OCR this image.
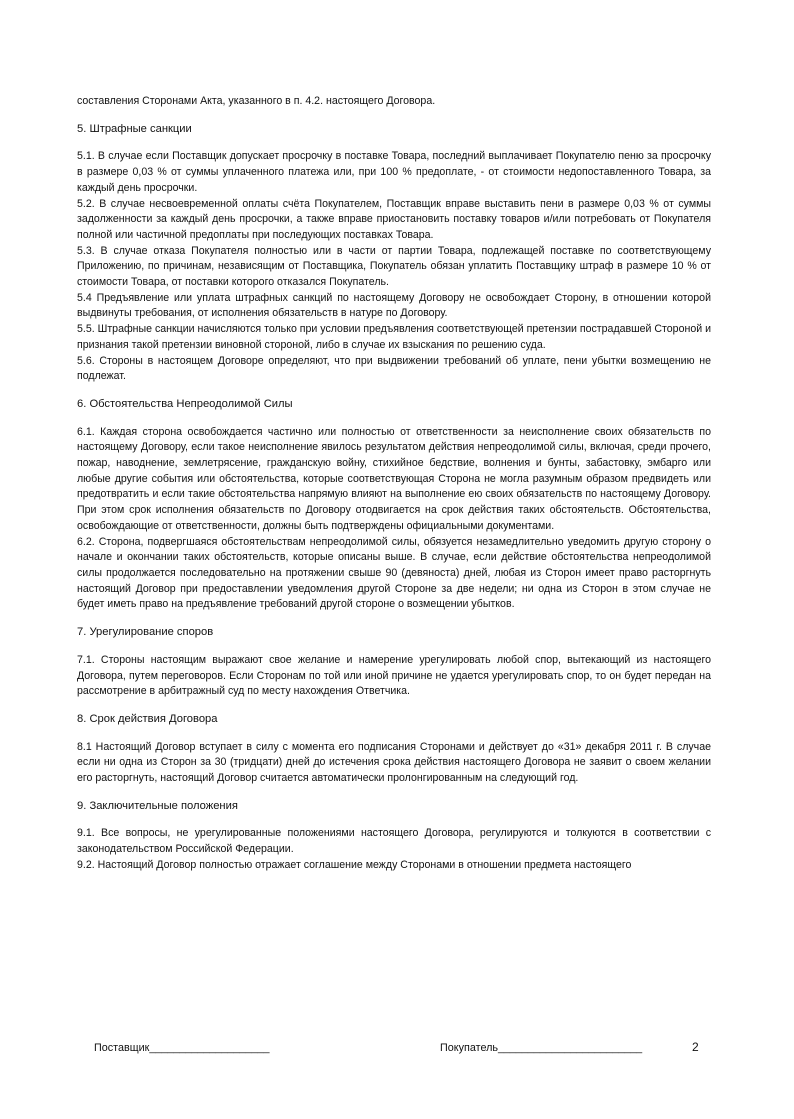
составления Сторонами Акта, указанного в п. 4.2. настоящего Договора.

5. Штрафные санкции

5.1. В случае если Поставщик допускает просрочку в поставке Товара, последний выплачивает Покупателю пеню за просрочку в размере 0,03 % от суммы уплаченного платежа или, при 100 % предоплате, - от стоимости недопоставленного Товара, за каждый день просрочки.

5.2. В случае несвоевременной оплаты счёта Покупателем, Поставщик вправе выставить пени в размере 0,03 % от суммы задолженности за каждый день просрочки, а также вправе приостановить поставку товаров и/или потребовать от Покупателя полной или частичной предоплаты при последующих поставках Товара.

5.3. В случае отказа Покупателя полностью или в части от партии Товара, подлежащей поставке по соответствующему Приложению, по причинам, независящим от Поставщика, Покупатель обязан уплатить Поставщику штраф в размере 10 % от стоимости Товара, от поставки которого отказался Покупатель.

5.4 Предъявление или уплата штрафных санкций по настоящему Договору не освобождает Сторону, в отношении которой выдвинуты требования, от исполнения обязательств в натуре по Договору.

5.5. Штрафные санкции начисляются только при условии предъявления соответствующей претензии пострадавшей Стороной и признания такой претензии виновной стороной, либо в случае их взыскания по решению суда.

5.6. Стороны в настоящем Договоре определяют, что при выдвижении требований об уплате, пени убытки возмещению не подлежат.

6. Обстоятельства Непреодолимой Силы

6.1. Каждая сторона освобождается частично или полностью от ответственности за неисполнение своих обязательств по настоящему Договору, если такое неисполнение явилось результатом действия непреодолимой силы, включая, среди прочего, пожар, наводнение, землетрясение, гражданскую войну, стихийное бедствие, волнения и бунты, забастовку, эмбарго или любые другие события или обстоятельства, которые соответствующая Сторона не могла разумным образом предвидеть или предотвратить и если такие обстоятельства напрямую влияют на выполнение ею своих обязательств по настоящему Договору. При этом срок исполнения обязательств по Договору отодвигается на срок действия таких обстоятельств. Обстоятельства, освобождающие от ответственности, должны быть подтверждены официальными документами.

6.2. Сторона, подвергшаяся обстоятельствам непреодолимой силы, обязуется незамедлительно уведомить другую сторону о начале и окончании таких обстоятельств, которые описаны выше. В случае, если действие обстоятельства непреодолимой силы продолжается последовательно на протяжении свыше 90 (девяноста) дней, любая из Сторон имеет право расторгнуть настоящий Договор при предоставлении уведомления другой Стороне за две недели; ни одна из Сторон в этом случае не будет иметь право на предъявление требований другой стороне о возмещении убытков.

7. Урегулирование споров

7.1. Стороны настоящим выражают свое желание и намерение урегулировать любой спор, вытекающий из настоящего Договора, путем переговоров. Если Сторонам по той или иной причине не удается урегулировать спор, то он будет передан на рассмотрение в арбитражный суд по месту нахождения Ответчика.

8. Срок действия Договора

8.1 Настоящий Договор вступает в силу с момента его подписания Сторонами и действует до «31» декабря 2011 г. В случае если ни одна из Сторон за 30 (тридцати) дней до истечения срока действия настоящего Договора не заявит о своем желании его расторгнуть, настоящий Договор считается автоматически пролонгированным на следующий год.

9. Заключительные положения

9.1. Все вопросы, не урегулированные положениями настоящего Договора, регулируются и толкуются в соответствии с законодательством Российской Федерации.

9.2. Настоящий Договор полностью отражает соглашение между Сторонами в отношении предмета настоящего

Поставщик____________________	Покупатель________________________	2
